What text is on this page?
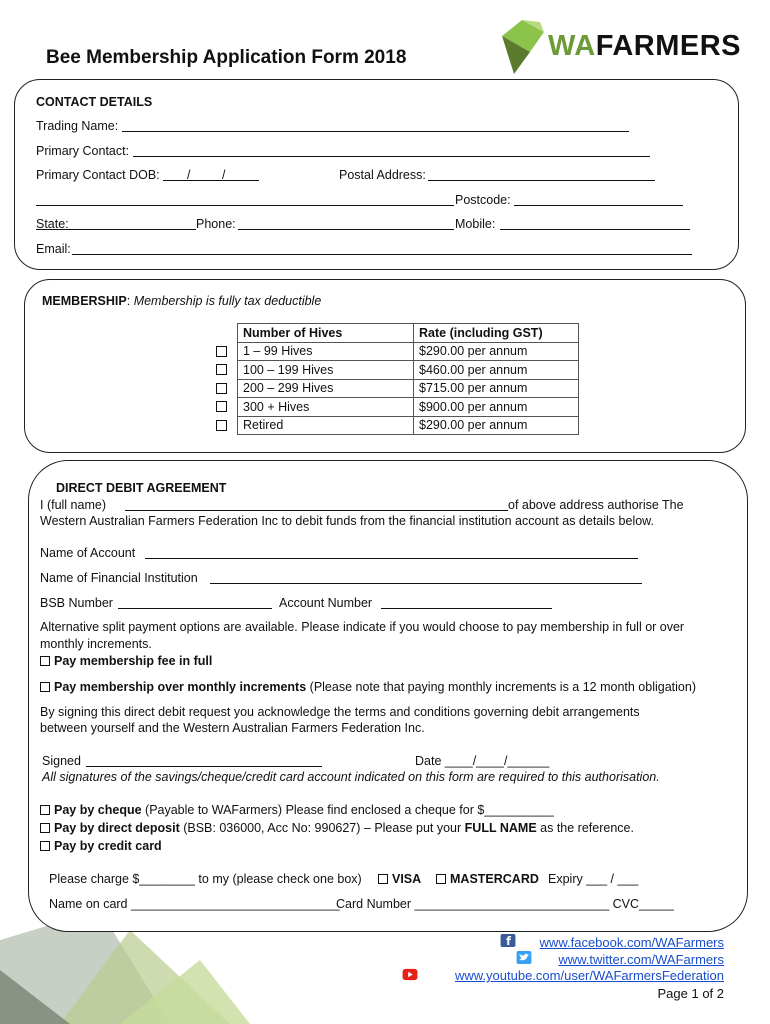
Bee Membership Application Form 2018	WAFARMERS
CONTACT DETAILS
Trading Name:
Primary Contact:
Primary Contact DOB: /	/	Postal Address:
Postcode:
State:	Phone:	Mobile:
Email:
MEMBERSHIP: Membership is fully tax deductible
Number of Hives	Rate (including GST)
1 – 99 Hives	$290.00 per annum
100 – 199 Hives	$460.00 per annum
200 – 299 Hives	$715.00 per annum
300 + Hives	$900.00 per annum
Retired	$290.00 per annum
DIRECT DEBIT AGREEMENT
I (full name)	of above address authorise The
Western Australian Farmers Federation Inc to debit funds from the financial institution account as details below.
Name of Account
Name of Financial Institution
BSB Number	Account Number
Alternative split payment options are available. Please indicate if you would choose to pay membership in full or over
monthly increments.
Pay membership fee in full
Pay membership over monthly increments (Please note that paying monthly increments is a 12 month obligation)
By signing this direct debit request you acknowledge the terms and conditions governing debit arrangements
between yourself and the Western Australian Farmers Federation Inc.
Signed	Date ____/____/______
All signatures of the savings/cheque/credit card account indicated on this form are required to this authorisation.
Pay by cheque (Payable to WAFarmers) Please find enclosed a cheque for $__________
Pay by direct deposit (BSB: 036000, Acc No: 990627) – Please put your FULL NAME as the reference.
Pay by credit card
Please charge $________ to my (please check one box)	VISA	MASTERCARD Expiry ___ / ___
Name on card ______________________________
Card Number ____________________________ CVC_____
f www.facebook.com/WAFarmers
www.twitter.com/WAFarmers
www.youtube.com/user/WAFarmersFederation
Page 1 of 2
